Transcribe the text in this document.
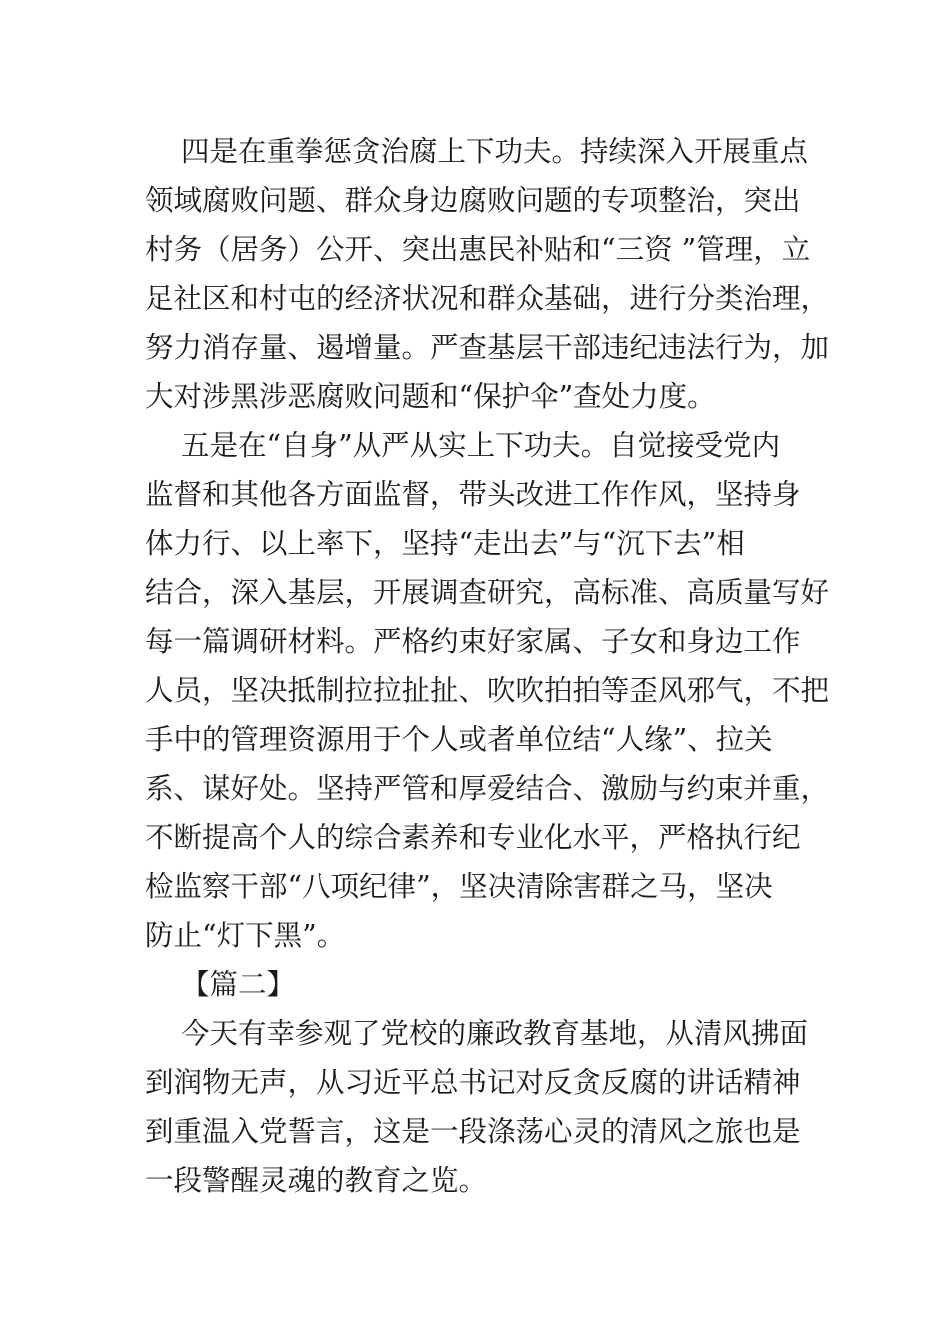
四是在重拳惩贪治腐上下功夫。持续深入开展重点
领域腐败问题、群众身边腐败问题的专项整治，突出
村务（居务）公开、突出惠民补贴和“三资 ”管理，立
足社区和村屯的经济状况和群众基础，进行分类治理，
努力消存量、遏增量。严查基层干部违纪违法行为，加
大对涉黑涉恶腐败问题和“保护伞”查处力度。
五是在“自身”从严从实上下功夫。自觉接受党内
监督和其他各方面监督，带头改进工作作风，坚持身
体力行、以上率下，坚持“走出去”与“沉下去”相
结合，深入基层，开展调查研究，高标准、高质量写好
每一篇调研材料。严格约束好家属、子女和身边工作
人员，坚决抵制拉拉扯扯、吹吹拍拍等歪风邪气，不把
手中的管理资源用于个人或者单位结“人缘”、拉关
系、谋好处。坚持严管和厚爱结合、激励与约束并重，
不断提高个人的综合素养和专业化水平，严格执行纪
检监察干部“八项纪律”，坚决清除害群之马，坚决
防止“灯下黑”。
【篇二】
今天有幸参观了党校的廉政教育基地，从清风拂面
到润物无声，从习近平总书记对反贪反腐的讲话精神
到重温入党誓言，这是一段涤荡心灵的清风之旅也是
一段警醒灵魂的教育之览。
